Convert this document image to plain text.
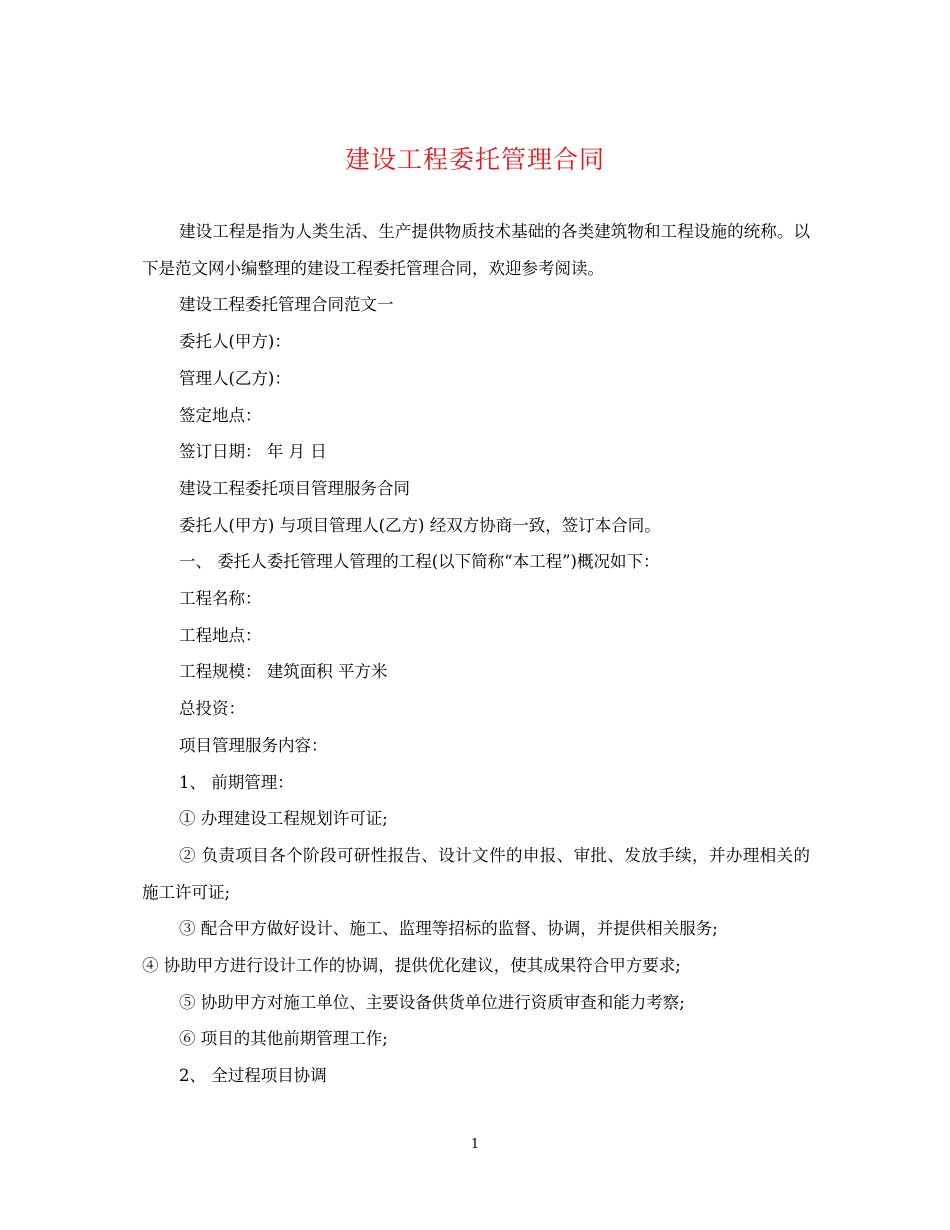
建设工程委托管理合同

建设工程是指为人类生活、生产提供物质技术基础的各类建筑物和工程设施的统称。以下是范文网小编整理的建设工程委托管理合同，欢迎参考阅读。

建设工程委托管理合同范文一

委托人(甲方)：

管理人(乙方)：

签定地点：

签订日期： 年 月 日

建设工程委托项目管理服务合同

委托人(甲方) 与项目管理人(乙方) 经双方协商一致，签订本合同。

一、 委托人委托管理人管理的工程(以下简称“本工程”)概况如下：

工程名称：

工程地点：

工程规模： 建筑面积 平方米

总投资：

项目管理服务内容：

1、 前期管理：

① 办理建设工程规划许可证;

② 负责项目各个阶段可研性报告、设计文件的申报、审批、发放手续，并办理相关的施工许可证;

③ 配合甲方做好设计、施工、监理等招标的监督、协调，并提供相关服务;

④ 协助甲方进行设计工作的协调，提供优化建议，使其成果符合甲方要求;

⑤ 协助甲方对施工单位、主要设备供货单位进行资质审查和能力考察;

⑥ 项目的其他前期管理工作;

2、 全过程项目协调

1
